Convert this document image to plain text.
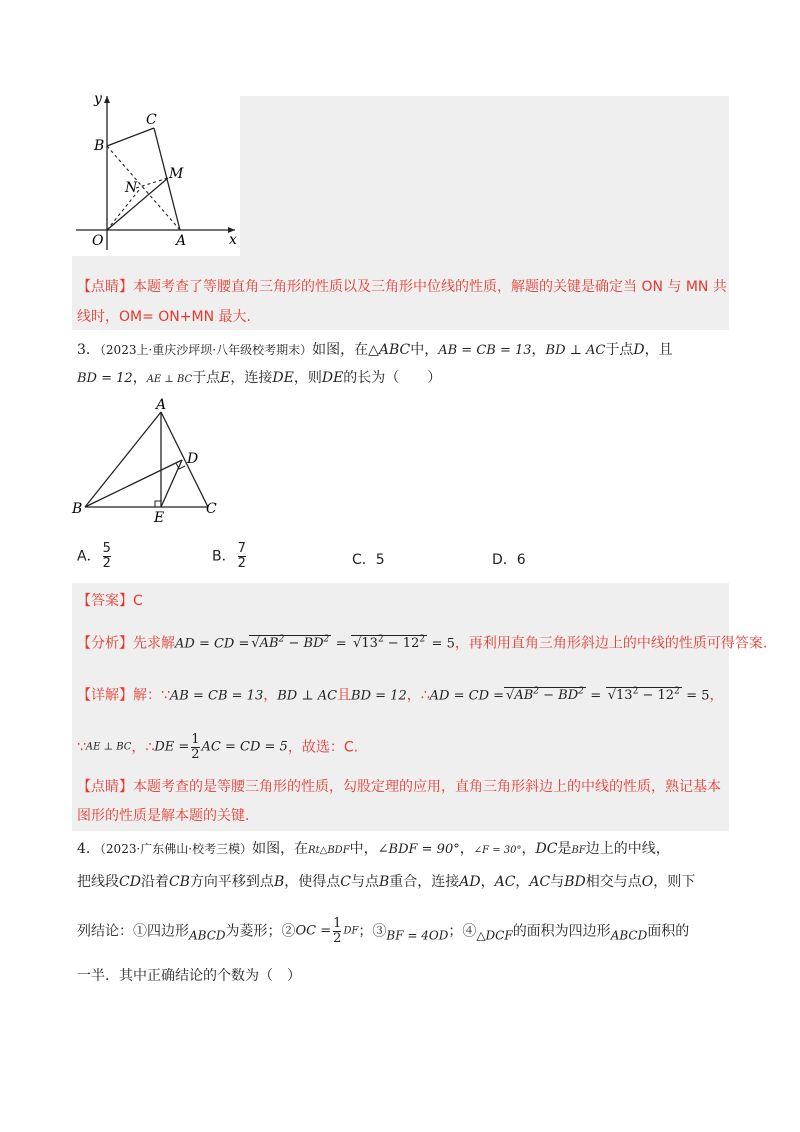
y
x
C
B
M
N
O	A
【点睛】本题考查了等腰直角三角形的性质以及三角形中位线的性质，解题的关键是确定当 ON 与 MN 共
线时，OM= ON+MN 最大.
3．（2023上·重庆沙坪坝·八年级校考期末）如图，在△ABC中，AB = CB = 13，BD ⊥ AC于点D，且
BD = 12，AE ⊥ BC于点E，连接DE，则DE的长为（　　）
A
D
B
E
C
A． $\frac{5}{2}$	B． $\frac{7}{2}$	C．5	D．6
【答案】C
【分析】先求解AD = CD = $√AB^2 - BD^2 = √13^2 - 12^2 = 5$，再利用直角三角形斜边上的中线的性质可得答案.
【详解】解：∵AB = CB = 13，BD ⊥ AC且BD = 12，∴AD = CD = $√AB^2 - BD^2 = √13^2 - 12^2 = 5$，
∵AE ⊥ BC，∴DE = $\frac{1}{2}$ AC = CD = 5，故选：C.
【点睛】本题考查的是等腰三角形的性质，勾股定理的应用，直角三角形斜边上的中线的性质，熟记基本
图形的性质是解本题的关键.
4．（2023·广东佛山·校考三模）如图，在Rt△BDF中，∠BDF = 90°，∠F = 30°，DC是BF边上的中线，
把线段CD沿着CB方向平移到点B，使得点C与点B重合，连接AD，AC，AC与BD相交与点O，则下
列结论：①四边形ABCD为菱形；②OC = $\frac{1}{2}$ DF；③BF = 4OD；④△DCF的面积为四边形ABCD面积的
一半．其中正确结论的个数为（　）
